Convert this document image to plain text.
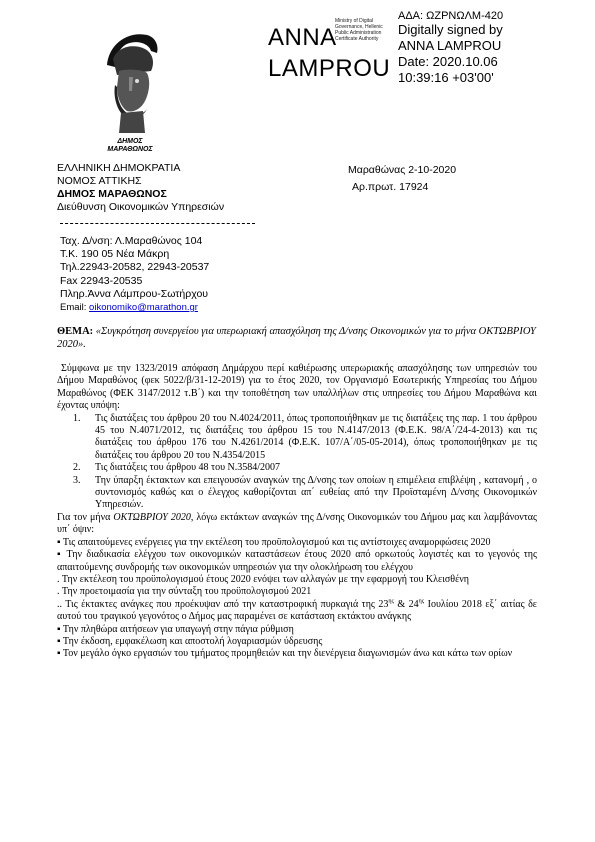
ΔΗΜΟΣ
ΜΑΡΑΘΩΝΟΣ
ANNA
LAMPROU
Ministry of Digital Governance, Hellenic Public Administration Certificate Authority
ΑΔΑ: ΩΖΡΝΩΛΜ-420
Digitally signed by
ANNA LAMPROU
Date: 2020.10.06
10:39:16 +03'00'
ΕΛΛΗΝΙΚΗ ΔΗΜΟΚΡΑΤΙΑ
ΝΟΜΟΣ ΑΤΤΙΚΗΣ
ΔΗΜΟΣ ΜΑΡΑΘΩΝΟΣ
Διεύθυνση Οικονομικών Υπηρεσιών
Μαραθώνας 2-10-2020
Αρ.πρωτ. 17924
Ταχ. Δ/νση: Λ.Μαραθώνος 104
Τ.Κ. 190 05 Νέα Μάκρη
Τηλ.22943-20582, 22943-20537
Fax 22943-20535
Πληρ.Άννα Λάμπρου-Σωτήρχου
Email: oikonomiko@marathon.gr
ΘΕΜΑ: «Συγκρότηση συνεργείου για υπερωριακή απασχόληση της Δ/νσης Οικονομικών για το μήνα ΟΚΤΩΒΡΙΟΥ 2020».

Σύμφωνα με την 1323/2019 απόφαση Δημάρχου περί καθιέρωσης υπερωριακής απασχόλησης των υπηρεσιών του Δήμου Μαραθώνος (φεκ 5022/β/31-12-2019) για το έτος 2020, τον Οργανισμό Εσωτερικής Υπηρεσίας του Δήμου Μαραθώνος (ΦΕΚ 3147/2012 τ.Β΄) και την τοποθέτηση των υπαλλήλων στις υπηρεσίες του Δήμου Μαραθώνα και έχοντας υπόψη:

1. Τις διατάξεις του άρθρου 20 του Ν.4024/2011, όπως τροποποιήθηκαν με τις διατάξεις της παρ. 1 του άρθρου 45 του Ν.4071/2012, τις διατάξεις του άρθρου 15 του Ν.4147/2013 (Φ.Ε.Κ. 98/Α΄/24-4-2013) και τις διατάξεις του άρθρου 176 του Ν.4261/2014 (Φ.Ε.Κ. 107/Α΄/05-05-2014), όπως τροποποιήθηκαν με τις διατάξεις του άρθρου 20 του Ν.4354/2015
2. Τις διατάξεις του άρθρου 48 του Ν.3584/2007
3. Την ύπαρξη έκτακτων και επειγουσών αναγκών της Δ/νσης των οποίων η επιμέλεια επιβλέψη , κατανομή , ο συντονισμός καθώς και ο έλεγχος καθορίζονται απ΄ ευθείας από την Προϊσταμένη Δ/νσης Οικονομικών Υπηρεσιών.

Για τον μήνα ΟΚΤΩΒΡΙΟΥ 2020, λόγω εκτάκτων αναγκών της Δ/νσης Οικονομικών του Δήμου μας και λαμβάνοντας υπ΄ όψιν:

▪ Τις απαιτούμενες ενέργειες για την εκτέλεση του προϋπολογισμού και τις αντίστοιχες αναμορφώσεις 2020

▪ Την διαδικασία ελέγχου των οικονομικών καταστάσεων έτους 2020 από ορκωτούς λογιστές και το γεγονός της απαιτούμενης συνδρομής των οικονομικών υπηρεσιών για την ολοκλήρωση του ελέγχου

. Την εκτέλεση του προϋπολογισμού έτους 2020 ενόψει των αλλαγών με την εφαρμογή του Κλεισθένη

. Την προετοιμασία για την σύνταξη του προϋπολογισμού 2021

.. Τις έκτακτες ανάγκες που προέκυψαν από την καταστροφική πυρκαγιά της $23^{\eta\varsigma}$ & $24^{\eta\varsigma}$ Ιουλίου 2018 εξ΄ αιτίας δε αυτού του τραγικού γεγονότος ο Δήμος μας παραμένει σε κατάσταση εκτάκτου ανάγκης

▪ Την πληθώρα αιτήσεων για υπαγωγή στην πάγια ρύθμιση

▪ Την έκδοση, εμφακέλωση και αποστολή λογαριασμών ύδρευσης

▪ Τον μεγάλο όγκο εργασιών του τμήματος προμηθειών και την διενέργεια διαγωνισμών άνω και κάτω των ορίων
